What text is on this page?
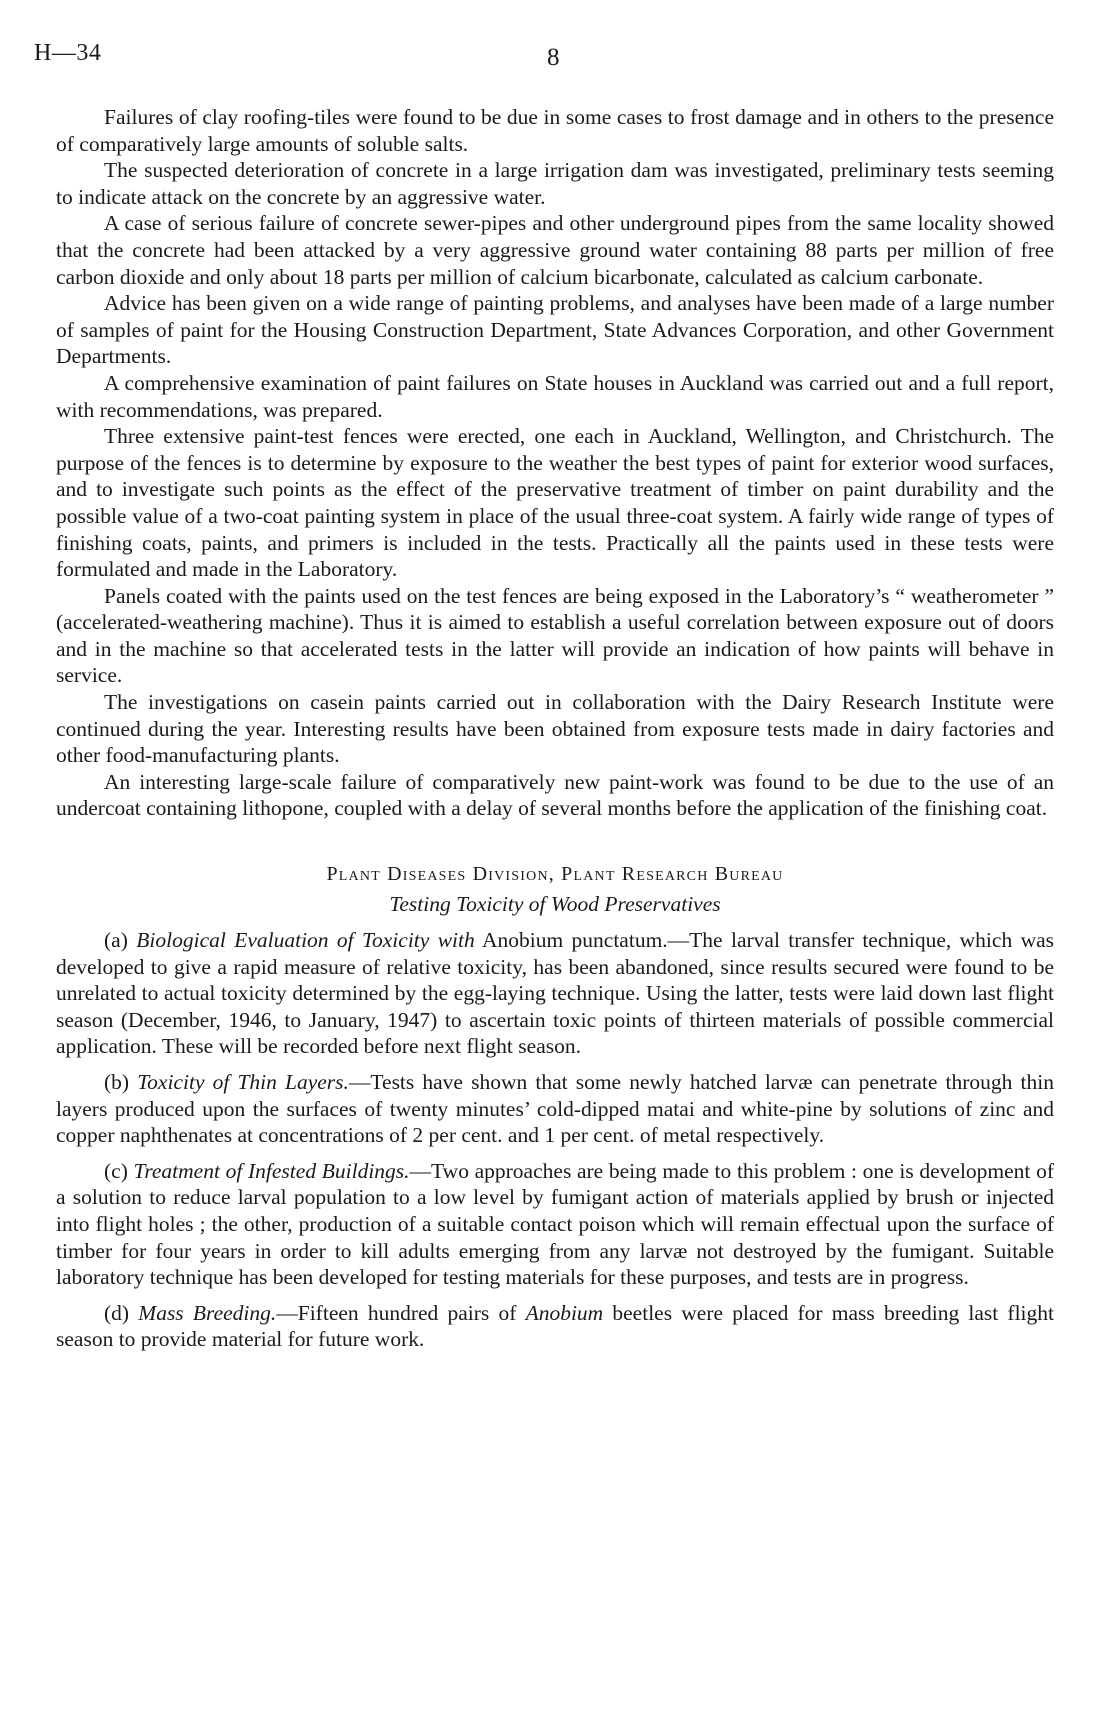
H—34	8

Failures of clay roofing-tiles were found to be due in some cases to frost damage and in others to the presence of comparatively large amounts of soluble salts.

The suspected deterioration of concrete in a large irrigation dam was investigated, preliminary tests seeming to indicate attack on the concrete by an aggressive water.

A case of serious failure of concrete sewer-pipes and other underground pipes from the same locality showed that the concrete had been attacked by a very aggressive ground water containing 88 parts per million of free carbon dioxide and only about 18 parts per million of calcium bicarbonate, calculated as calcium carbonate.

Advice has been given on a wide range of painting problems, and analyses have been made of a large number of samples of paint for the Housing Construction Department, State Advances Corporation, and other Government Departments.

A comprehensive examination of paint failures on State houses in Auckland was carried out and a full report, with recommendations, was prepared.

Three extensive paint-test fences were erected, one each in Auckland, Wellington, and Christchurch. The purpose of the fences is to determine by exposure to the weather the best types of paint for exterior wood surfaces, and to investigate such points as the effect of the preservative treatment of timber on paint durability and the possible value of a two-coat painting system in place of the usual three-coat system. A fairly wide range of types of finishing coats, paints, and primers is included in the tests. Practically all the paints used in these tests were formulated and made in the Laboratory.

Panels coated with the paints used on the test fences are being exposed in the Laboratory’s “ weatherometer ” (accelerated-weathering machine). Thus it is aimed to establish a useful correlation between exposure out of doors and in the machine so that accelerated tests in the latter will provide an indication of how paints will behave in service.

The investigations on casein paints carried out in collaboration with the Dairy Research Institute were continued during the year. Interesting results have been obtained from exposure tests made in dairy factories and other food-manufacturing plants.

An interesting large-scale failure of comparatively new paint-work was found to be due to the use of an undercoat containing lithopone, coupled with a delay of several months before the application of the finishing coat.

Plant Diseases Division, Plant Research Bureau
Testing Toxicity of Wood Preservatives

(a) Biological Evaluation of Toxicity with Anobium punctatum.—The larval transfer technique, which was developed to give a rapid measure of relative toxicity, has been abandoned, since results secured were found to be unrelated to actual toxicity determined by the egg-laying technique. Using the latter, tests were laid down last flight season (December, 1946, to January, 1947) to ascertain toxic points of thirteen materials of possible commercial application. These will be recorded before next flight season.

(b) Toxicity of Thin Layers.—Tests have shown that some newly hatched larvæ can penetrate through thin layers produced upon the surfaces of twenty minutes’ cold-dipped matai and white-pine by solutions of zinc and copper naphthenates at concentrations of 2 per cent. and 1 per cent. of metal respectively.

(c) Treatment of Infested Buildings.—Two approaches are being made to this problem : one is development of a solution to reduce larval population to a low level by fumigant action of materials applied by brush or injected into flight holes ; the other, production of a suitable contact poison which will remain effectual upon the surface of timber for four years in order to kill adults emerging from any larvæ not destroyed by the fumigant. Suitable laboratory technique has been developed for testing materials for these purposes, and tests are in progress.

(d) Mass Breeding.—Fifteen hundred pairs of Anobium beetles were placed for mass breeding last flight season to provide material for future work.
